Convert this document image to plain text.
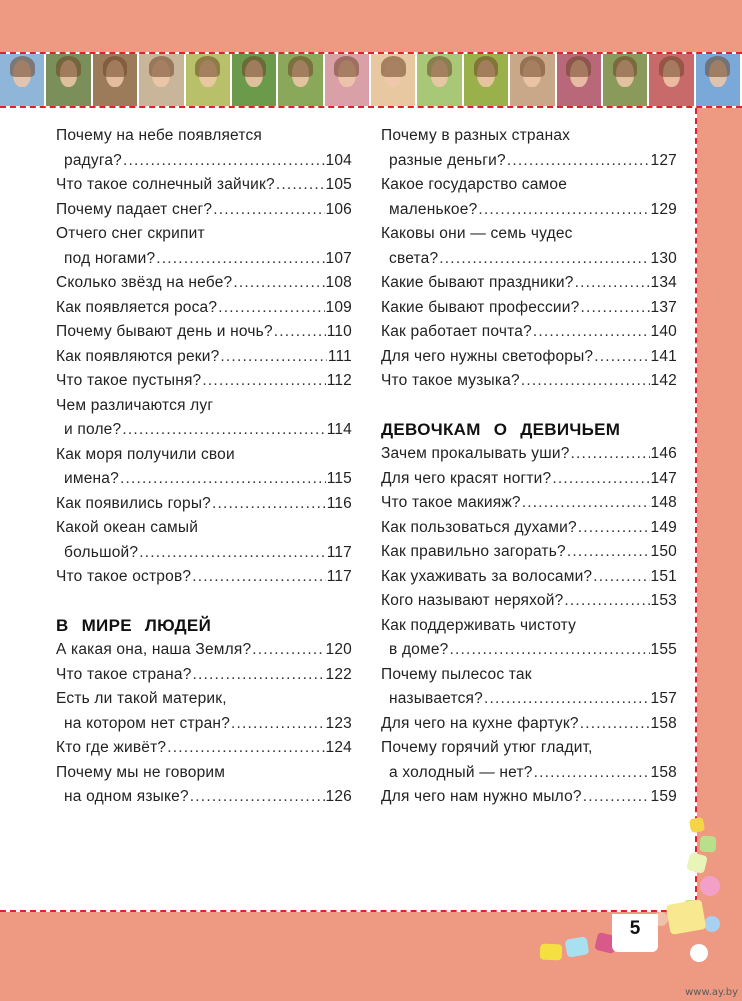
Почему на небе появляется
радуга? .....	104
Что такое солнечный зайчик? .....	105
Почему падает снег? .....	106
Отчего снег скрипит
под ногами? .....	107
Сколько звёзд на небе? .....	108
Как появляется роса? .....	109
Почему бывают день и ночь? .....	110
Как появляются реки? .....	111
Что такое пустыня? .....	112
Чем различаются луг
и поле? .....	114
Как моря получили свои
имена? .....	115
Как появились горы? .....	116
Какой океан самый
большой? .....	117
Что такое остров? .....	117
В МИРЕ ЛЮДЕЙ
А какая она, наша Земля? .....	120
Что такое страна? .....	122
Есть ли такой материк,
на котором нет стран? .....	123
Кто где живёт? .....	124
Почему мы не говорим
на одном языке? .....	126
Почему в разных странах
разные деньги? .....	127
Какое государство самое
маленькое? .....	129
Каковы они — семь чудес
света? .....	130
Какие бывают праздники? .....	134
Какие бывают профессии? .....	137
Как работает почта? .....	140
Для чего нужны светофоры? .....	141
Что такое музыка? .....	142
ДЕВОЧКАМ О ДЕВИЧЬЕМ
Зачем прокалывать уши? .....	146
Для чего красят ногти? .....	147
Что такое макияж? .....	148
Как пользоваться духами? .....	149
Как правильно загорать? .....	150
Как ухаживать за волосами? .....	151
Кого называют неряхой? .....	153
Как поддерживать чистоту
в доме? .....	155
Почему пылесос так
называется? .....	157
Для чего на кухне фартук? .....	158
Почему горячий утюг гладит,
а холодный — нет? .....	158
Для чего нам нужно мыло? .....	159
5
www.ay.by
